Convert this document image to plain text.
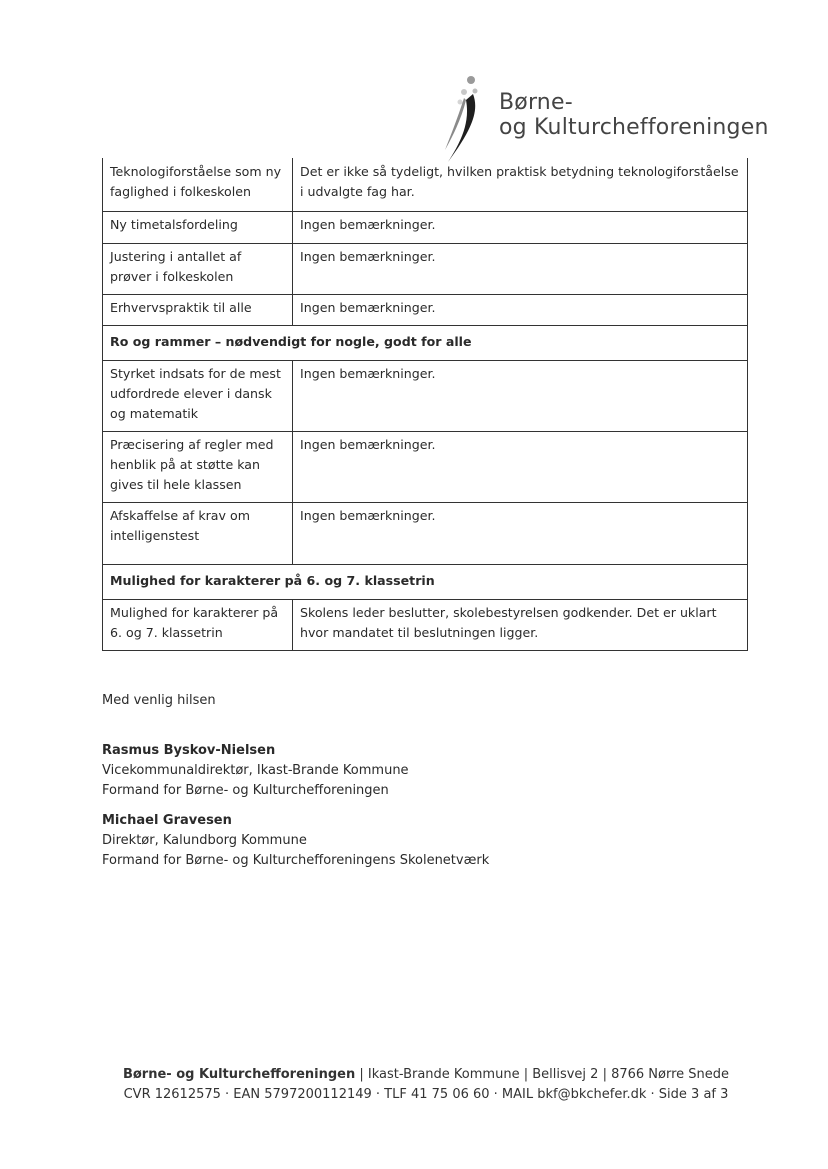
Børne-
og Kulturchefforeningen
Teknologiforståelse som ny faglighed i folkeskolen	Det er ikke så tydeligt, hvilken praktisk betydning teknologiforståelse i udvalgte fag har.
Ny timetalsfordeling	Ingen bemærkninger.
Justering i antallet af prøver i folkeskolen	Ingen bemærkninger.
Erhvervspraktik til alle	Ingen bemærkninger.
Ro og rammer – nødvendigt for nogle, godt for alle	
Styrket indsats for de mest udfordrede elever i dansk og matematik	Ingen bemærkninger.
Præcisering af regler med henblik på at støtte kan gives til hele klassen	Ingen bemærkninger.
Afskaffelse af krav om intelligenstest	Ingen bemærkninger.
Mulighed for karakterer på 6. og 7. klassetrin	
Mulighed for karakterer på 6. og 7. klassetrin	Skolens leder beslutter, skolebestyrelsen godkender. Det er uklart hvor mandatet til beslutningen ligger.
Med venlig hilsen
Rasmus Byskov-Nielsen
Vicekommunaldirektør, Ikast-Brande Kommune
Formand for Børne- og Kulturchefforeningen
Michael Gravesen
Direktør, Kalundborg Kommune
Formand for Børne- og Kulturchefforeningens Skolenetværk
Børne- og Kulturchefforeningen | Ikast-Brande Kommune | Bellisvej 2 | 8766 Nørre Snede
CVR 12612575 · EAN 5797200112149 · TLF 41 75 06 60 · MAIL bkf@bkchefer.dk · Side 3 af 3
